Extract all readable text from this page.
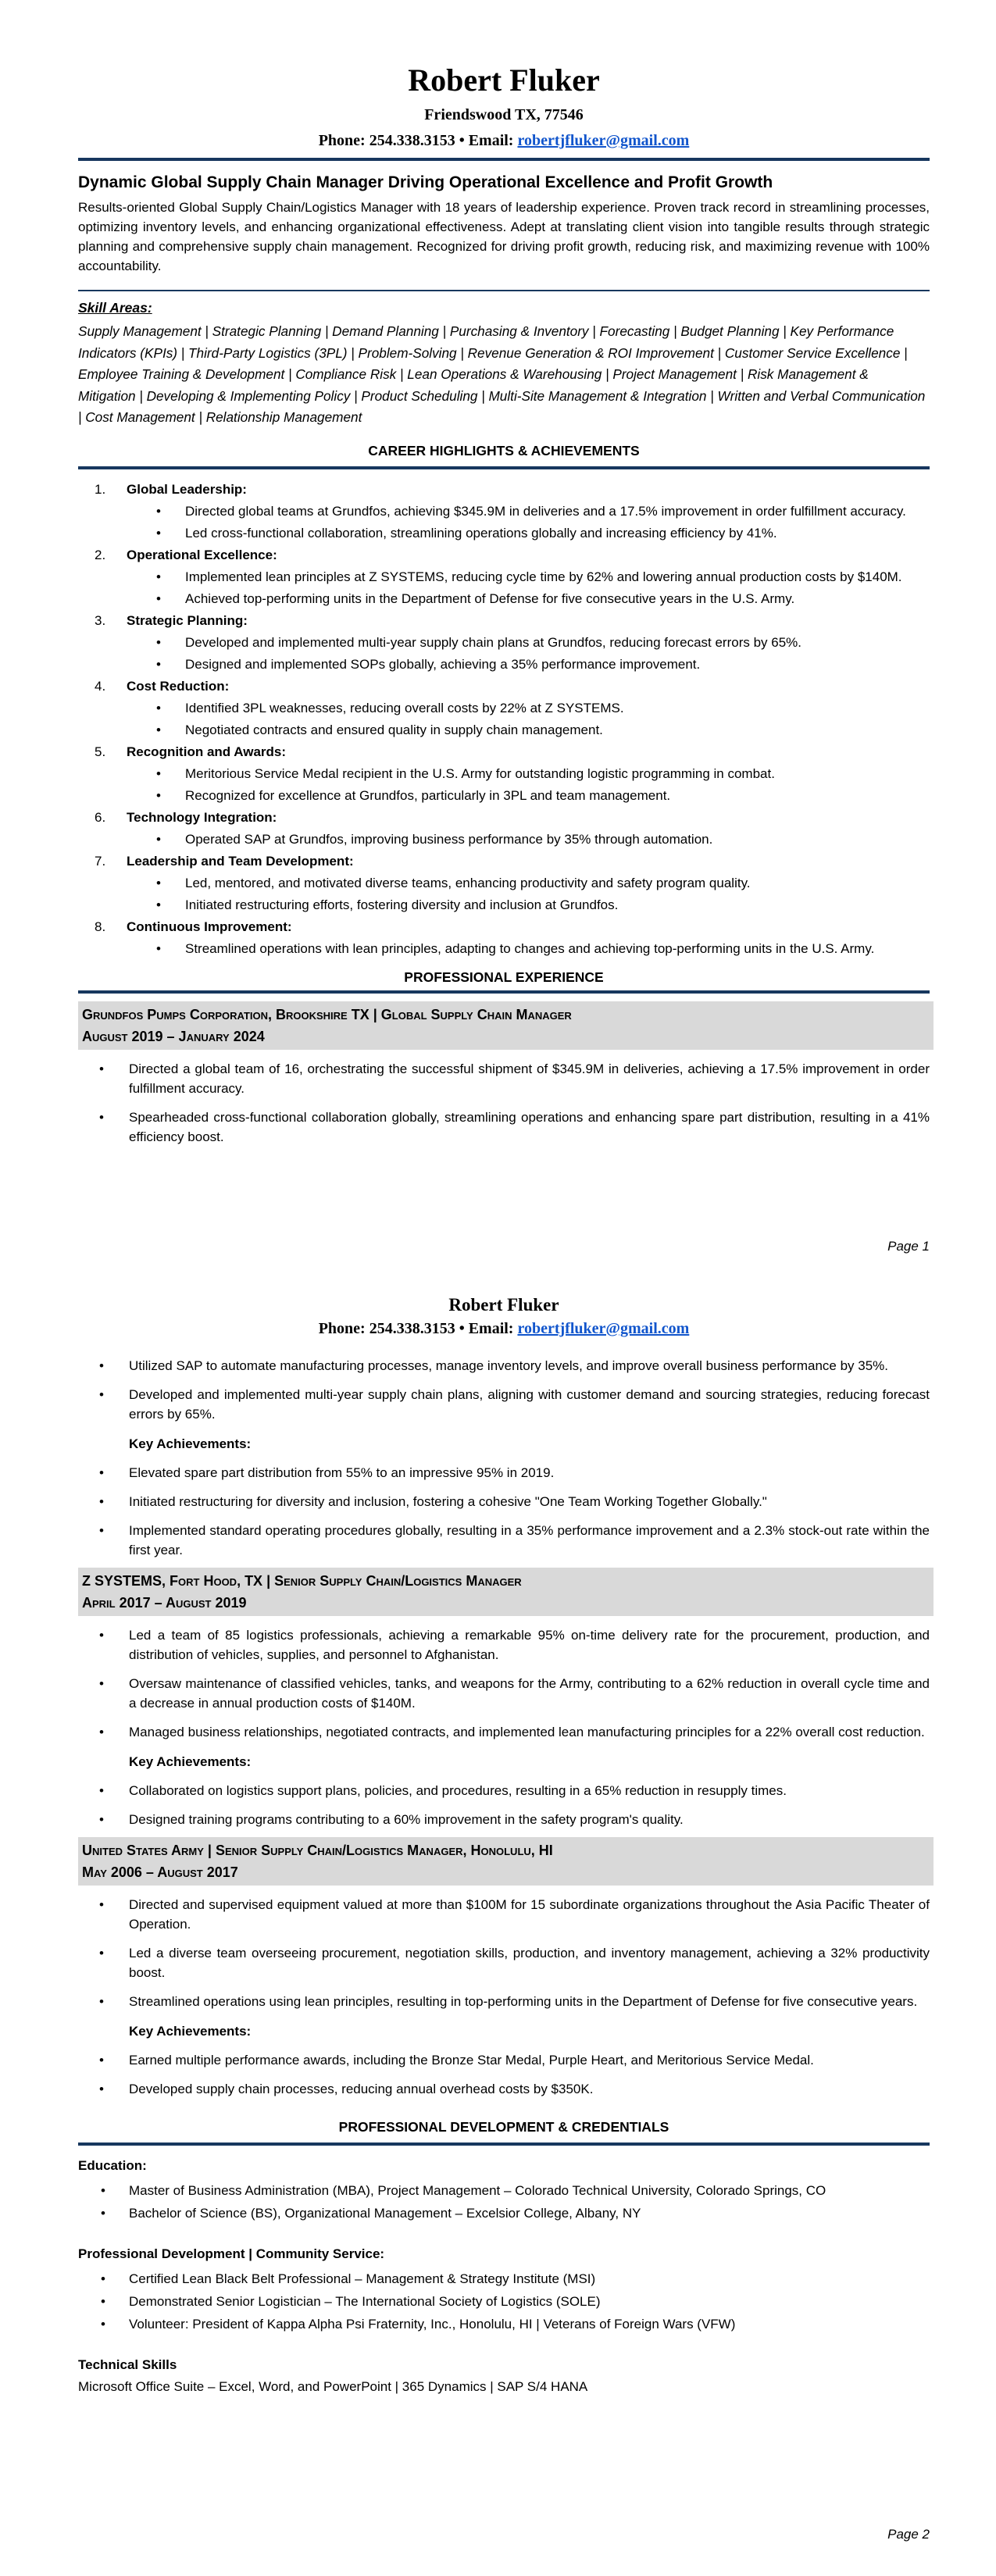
Robert Fluker
Friendswood TX, 77546
Phone: 254.338.3153 • Email: robertjfluker@gmail.com
Dynamic Global Supply Chain Manager Driving Operational Excellence and Profit Growth
Results-oriented Global Supply Chain/Logistics Manager with 18 years of leadership experience. Proven track record in streamlining processes, optimizing inventory levels, and enhancing organizational effectiveness. Adept at translating client vision into tangible results through strategic planning and comprehensive supply chain management. Recognized for driving profit growth, reducing risk, and maximizing revenue with 100% accountability.
Skill Areas:
Supply Management | Strategic Planning | Demand Planning | Purchasing & Inventory | Forecasting | Budget Planning | Key Performance Indicators (KPIs) | Third-Party Logistics (3PL) | Problem-Solving | Revenue Generation & ROI Improvement | Customer Service Excellence | Employee Training & Development | Compliance Risk | Lean Operations & Warehousing | Project Management | Risk Management & Mitigation | Developing & Implementing Policy | Product Scheduling | Multi-Site Management & Integration | Written and Verbal Communication | Cost Management | Relationship Management
CAREER HIGHLIGHTS & ACHIEVEMENTS
1.	Global Leadership:
•	Directed global teams at Grundfos, achieving $345.9M in deliveries and a 17.5% improvement in order fulfillment accuracy.
•	Led cross-functional collaboration, streamlining operations globally and increasing efficiency by 41%.
2.	Operational Excellence:
•	Implemented lean principles at Z SYSTEMS, reducing cycle time by 62% and lowering annual production costs by $140M.
•	Achieved top-performing units in the Department of Defense for five consecutive years in the U.S. Army.
3.	Strategic Planning:
•	Developed and implemented multi-year supply chain plans at Grundfos, reducing forecast errors by 65%.
•	Designed and implemented SOPs globally, achieving a 35% performance improvement.
4.	Cost Reduction:
•	Identified 3PL weaknesses, reducing overall costs by 22% at Z SYSTEMS.
•	Negotiated contracts and ensured quality in supply chain management.
5.	Recognition and Awards:
•	Meritorious Service Medal recipient in the U.S. Army for outstanding logistic programming in combat.
•	Recognized for excellence at Grundfos, particularly in 3PL and team management.
6.	Technology Integration:
•	Operated SAP at Grundfos, improving business performance by 35% through automation.
7.	Leadership and Team Development:
•	Led, mentored, and motivated diverse teams, enhancing productivity and safety program quality.
•	Initiated restructuring efforts, fostering diversity and inclusion at Grundfos.
8.	Continuous Improvement:
•	Streamlined operations with lean principles, adapting to changes and achieving top-performing units in the U.S. Army.
PROFESSIONAL EXPERIENCE
Grundfos Pumps Corporation, Brookshire TX | Global Supply Chain Manager
August 2019 – January 2024
•	Directed a global team of 16, orchestrating the successful shipment of $345.9M in deliveries, achieving a 17.5% improvement in order fulfillment accuracy.
•	Spearheaded cross-functional collaboration globally, streamlining operations and enhancing spare part distribution, resulting in a 41% efficiency boost.
Page 1
Robert Fluker
Phone: 254.338.3153 • Email: robertjfluker@gmail.com
•	Utilized SAP to automate manufacturing processes, manage inventory levels, and improve overall business performance by 35%.
•	Developed and implemented multi-year supply chain plans, aligning with customer demand and sourcing strategies, reducing forecast errors by 65%.
Key Achievements:
•	Elevated spare part distribution from 55% to an impressive 95% in 2019.
•	Initiated restructuring for diversity and inclusion, fostering a cohesive "One Team Working Together Globally."
•	Implemented standard operating procedures globally, resulting in a 35% performance improvement and a 2.3% stock-out rate within the first year.
Z SYSTEMS, Fort Hood, TX | Senior Supply Chain/Logistics Manager
April 2017 – August 2019
•	Led a team of 85 logistics professionals, achieving a remarkable 95% on-time delivery rate for the procurement, production, and distribution of vehicles, supplies, and personnel to Afghanistan.
•	Oversaw maintenance of classified vehicles, tanks, and weapons for the Army, contributing to a 62% reduction in overall cycle time and a decrease in annual production costs of $140M.
•	Managed business relationships, negotiated contracts, and implemented lean manufacturing principles for a 22% overall cost reduction.
Key Achievements:
•	Collaborated on logistics support plans, policies, and procedures, resulting in a 65% reduction in resupply times.
•	Designed training programs contributing to a 60% improvement in the safety program's quality.
United States Army | Senior Supply Chain/Logistics Manager, Honolulu, HI
May 2006 – August 2017
•	Directed and supervised equipment valued at more than $100M for 15 subordinate organizations throughout the Asia Pacific Theater of Operation.
•	Led a diverse team overseeing procurement, negotiation skills, production, and inventory management, achieving a 32% productivity boost.
•	Streamlined operations using lean principles, resulting in top-performing units in the Department of Defense for five consecutive years.
Key Achievements:
•	Earned multiple performance awards, including the Bronze Star Medal, Purple Heart, and Meritorious Service Medal.
•	Developed supply chain processes, reducing annual overhead costs by $350K.
PROFESSIONAL DEVELOPMENT & CREDENTIALS
Education:
•	Master of Business Administration (MBA), Project Management – Colorado Technical University, Colorado Springs, CO
•	Bachelor of Science (BS), Organizational Management – Excelsior College, Albany, NY
Professional Development | Community Service:
•	Certified Lean Black Belt Professional – Management & Strategy Institute (MSI)
•	Demonstrated Senior Logistician – The International Society of Logistics (SOLE)
•	Volunteer: President of Kappa Alpha Psi Fraternity, Inc., Honolulu, HI | Veterans of Foreign Wars (VFW)
Technical Skills
Microsoft Office Suite – Excel, Word, and PowerPoint | 365 Dynamics | SAP S/4 HANA
Page 2
